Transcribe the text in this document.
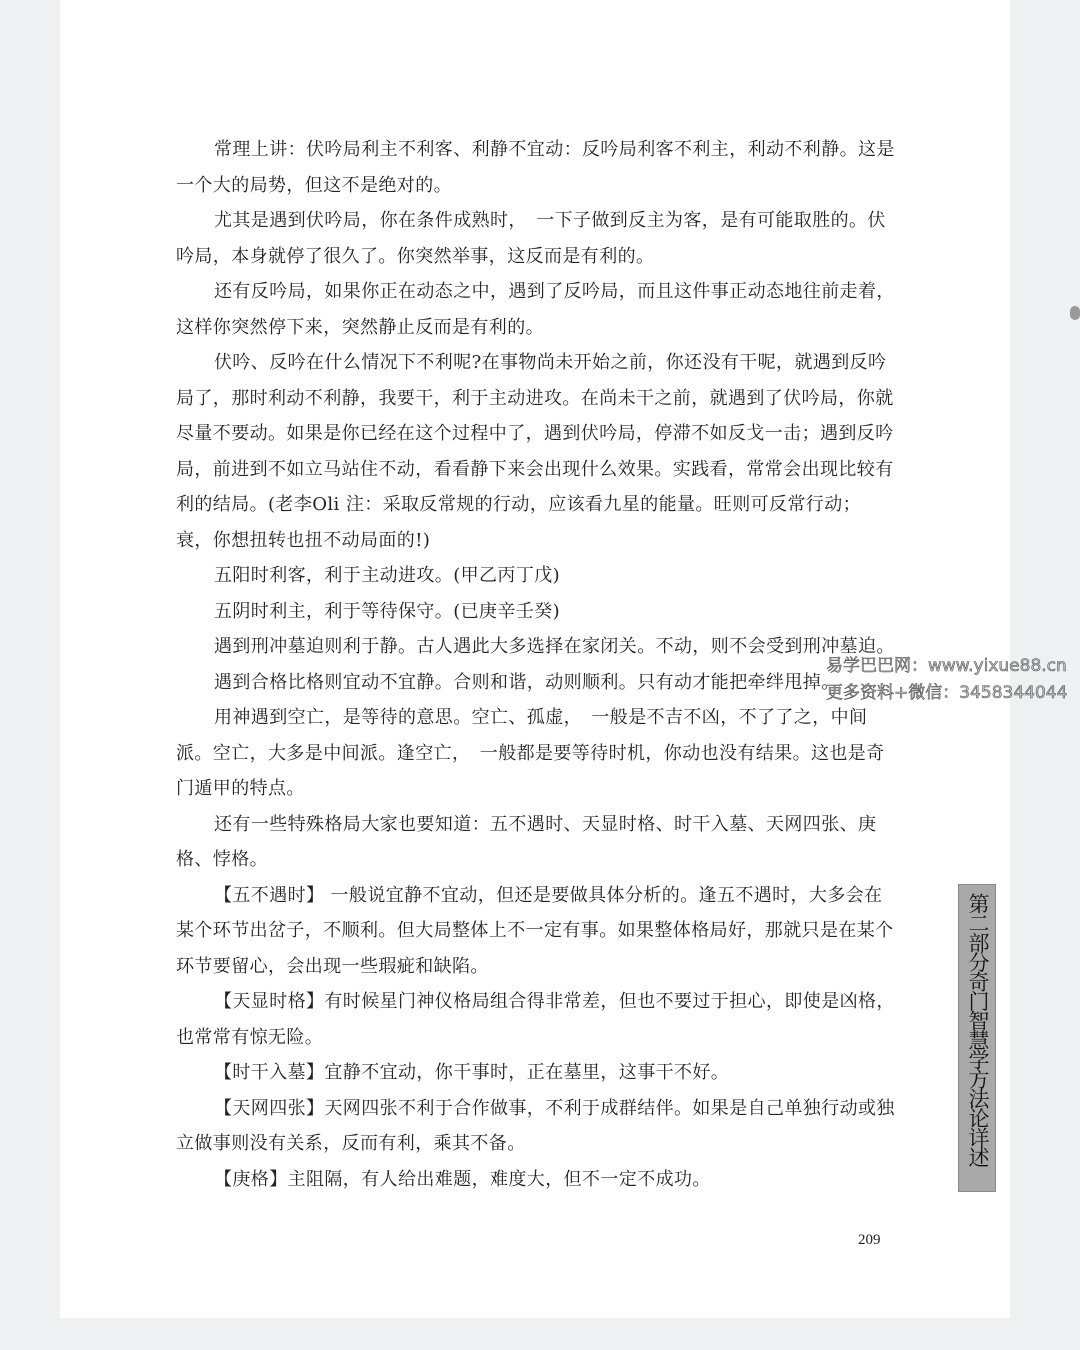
常理上讲：伏吟局利主不利客、利静不宜动：反吟局利客不利主，利动不利静。这是一个大的局势，但这不是绝对的。

尤其是遇到伏吟局，你在条件成熟时，　一下子做到反主为客，是有可能取胜的。伏吟局，本身就停了很久了。你突然举事，这反而是有利的。

还有反吟局，如果你正在动态之中，遇到了反吟局，而且这件事正动态地往前走着，这样你突然停下来，突然静止反而是有利的。

伏吟、反吟在什么情况下不利呢?在事物尚未开始之前，你还没有干呢，就遇到反吟局了，那时利动不利静，我要干，利于主动进攻。在尚未干之前，就遇到了伏吟局，你就尽量不要动。如果是你已经在这个过程中了，遇到伏吟局，停滞不如反戈一击；遇到反吟局，前进到不如立马站住不动，看看静下来会出现什么效果。实践看，常常会出现比较有利的结局。(老李Oli 注：采取反常规的行动，应该看九星的能量。旺则可反常行动；衰，你想扭转也扭不动局面的!)

五阳时利客，利于主动进攻。(甲乙丙丁戊)

五阴时利主，利于等待保守。(已庚辛壬癸)

遇到刑冲墓迫则利于静。古人遇此大多选择在家闭关。不动，则不会受到刑冲墓迫。

遇到合格比格则宜动不宜静。合则和谐，动则顺利。只有动才能把牵绊甩掉。

用神遇到空亡，是等待的意思。空亡、孤虚，　一般是不吉不凶，不了了之，中间派。空亡，大多是中间派。逢空亡，　一般都是要等待时机，你动也没有结果。这也是奇门遁甲的特点。

还有一些特殊格局大家也要知道：五不遇时、天显时格、时干入墓、天网四张、庚格、悖格。

【五不遇时】 一般说宜静不宜动，但还是要做具体分析的。逢五不遇时，大多会在某个环节出岔子，不顺利。但大局整体上不一定有事。如果整体格局好，那就只是在某个环节要留心，会出现一些瑕疵和缺陷。

【天显时格】有时候星门神仪格局组合得非常差，但也不要过于担心，即使是凶格，也常常有惊无险。

【时干入墓】宜静不宜动，你干事时，正在墓里，这事干不好。

【天网四张】天网四张不利于合作做事，不利于成群结伴。如果是自己单独行动或独立做事则没有关系，反而有利，乘其不备。

【庚格】主阻隔，有人给出难题，难度大，但不一定不成功。

209
第二部分奇门智慧学方法论详述
易学巴巴网：www.yixue88.cn
更多资料+微信：3458344044
